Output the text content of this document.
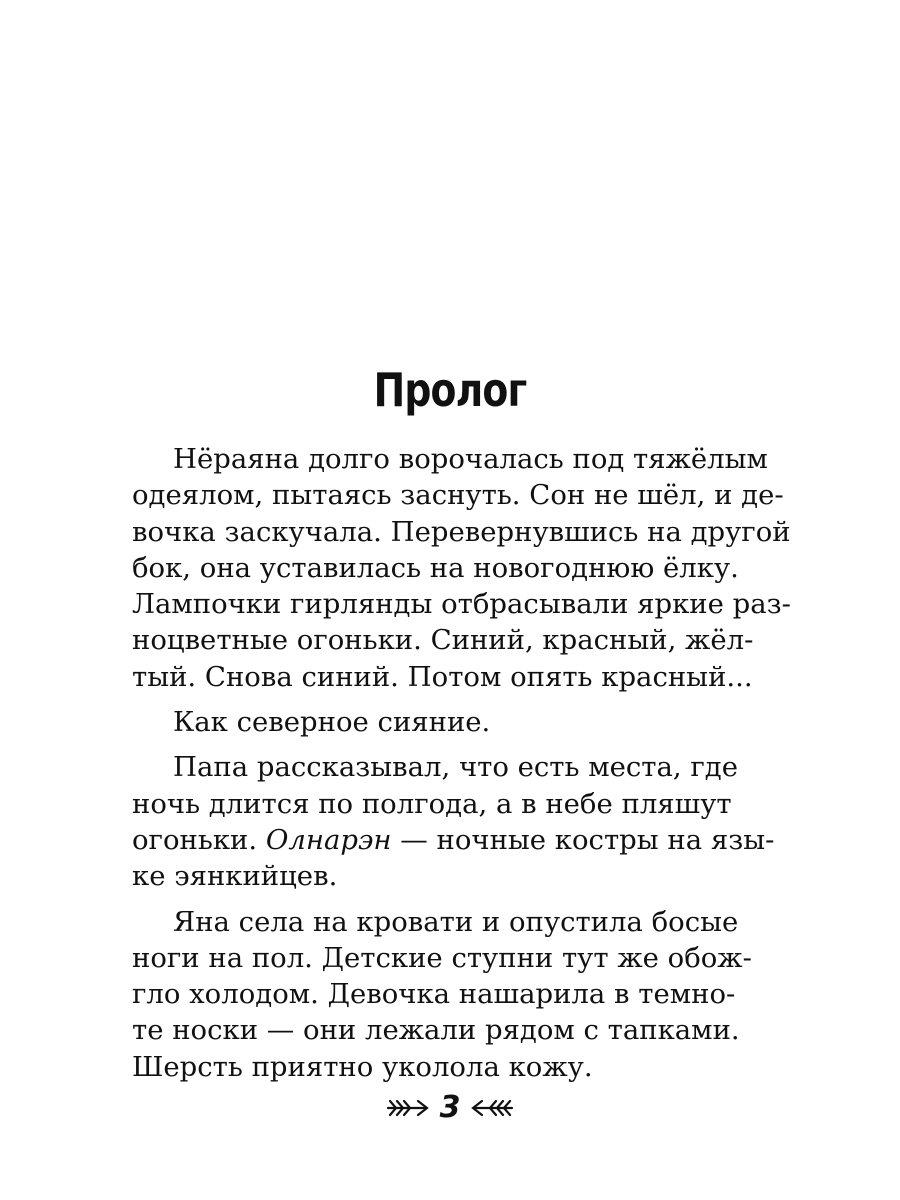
Пролог
Нёраяна долго ворочалась под тяжёлым
одеялом, пытаясь заснуть. Сон не шёл, и де-
вочка заскучала. Перевернувшись на другой
бок, она уставилась на новогоднюю ёлку.
Лампочки гирлянды отбрасывали яркие раз-
ноцветные огоньки. Синий, красный, жёл-
тый. Снова синий. Потом опять красный...
Как северное сияние.
Папа рассказывал, что есть места, где
ночь длится по полгода, а в небе пляшут
огоньки. Олнарэн — ночные костры на язы-
ке эянкийцев.
Яна села на кровати и опустила босые
ноги на пол. Детские ступни тут же обож-
гло холодом. Девочка нашарила в темно-
те носки — они лежали рядом с тапками.
Шерсть приятно уколола кожу.
3
